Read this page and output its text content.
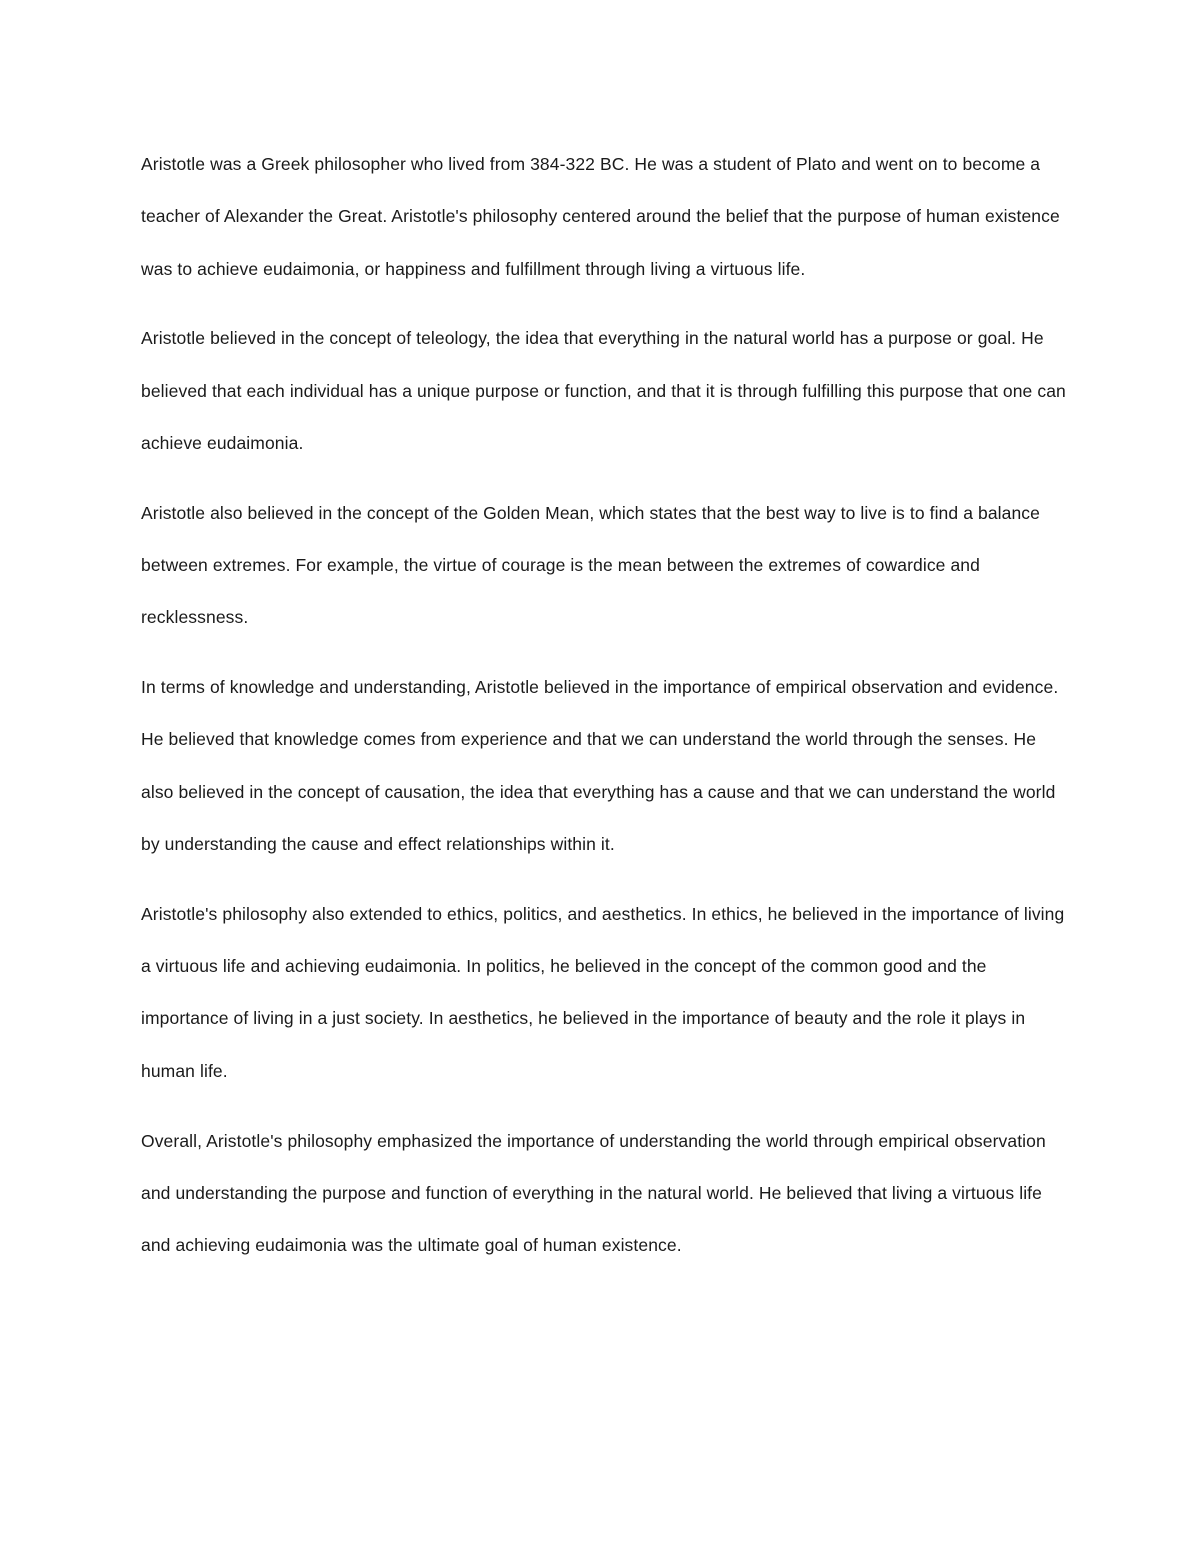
Aristotle was a Greek philosopher who lived from 384-322 BC. He was a student of Plato and went on to become a teacher of Alexander the Great. Aristotle's philosophy centered around the belief that the purpose of human existence was to achieve eudaimonia, or happiness and fulfillment through living a virtuous life.

Aristotle believed in the concept of teleology, the idea that everything in the natural world has a purpose or goal. He believed that each individual has a unique purpose or function, and that it is through fulfilling this purpose that one can achieve eudaimonia.

Aristotle also believed in the concept of the Golden Mean, which states that the best way to live is to find a balance between extremes. For example, the virtue of courage is the mean between the extremes of cowardice and recklessness.

In terms of knowledge and understanding, Aristotle believed in the importance of empirical observation and evidence. He believed that knowledge comes from experience and that we can understand the world through the senses. He also believed in the concept of causation, the idea that everything has a cause and that we can understand the world by understanding the cause and effect relationships within it.

Aristotle's philosophy also extended to ethics, politics, and aesthetics. In ethics, he believed in the importance of living a virtuous life and achieving eudaimonia. In politics, he believed in the concept of the common good and the importance of living in a just society. In aesthetics, he believed in the importance of beauty and the role it plays in human life.

Overall, Aristotle's philosophy emphasized the importance of understanding the world through empirical observation and understanding the purpose and function of everything in the natural world. He believed that living a virtuous life and achieving eudaimonia was the ultimate goal of human existence.
